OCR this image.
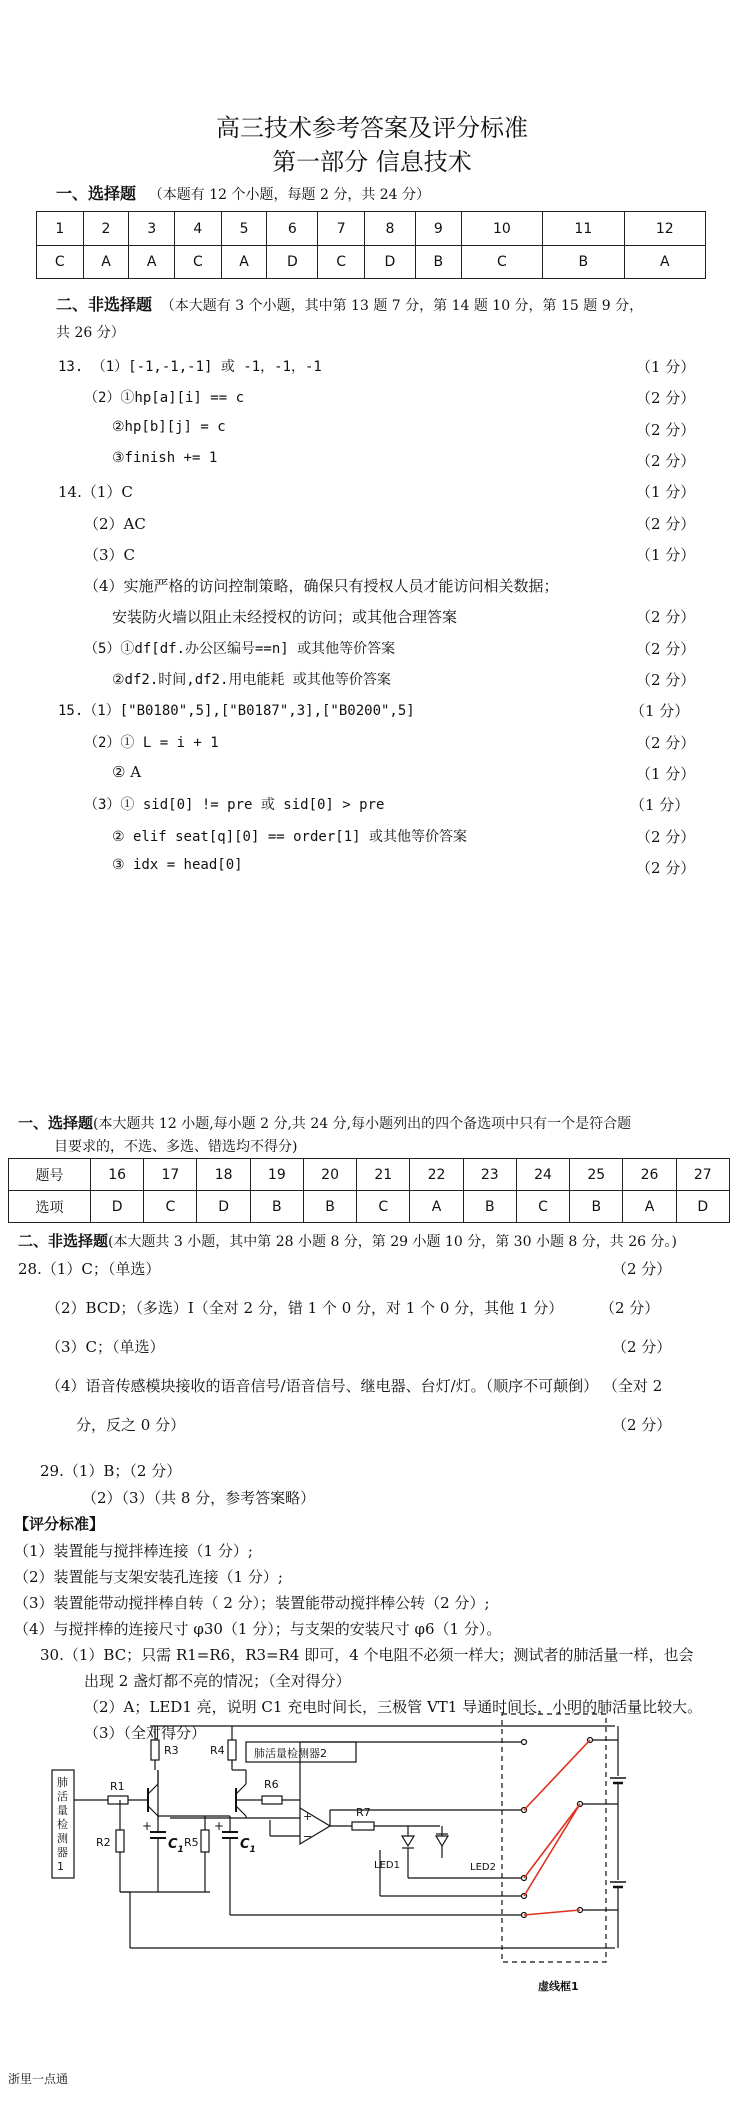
高三技术参考答案及评分标准
第一部分 信息技术
一、选择题 （本题有 12 个小题，每题 2 分，共 24 分）
1	2	3	4	5	6	7	8	9	10	11	12
C	A	A	C	A	D	C	D	B	C	B	A
二、非选择题 （本大题有 3 个小题，其中第 13 题 7 分，第 14 题 10 分，第 15 题 9 分，
共 26 分）
13. （1）[-1,-1,-1] 或 -1，-1，-1	（1 分）
（2）①hp[a][i] == c	（2 分）
②hp[b][j] = c	（2 分）
③finish += 1	（2 分）
14.（1）C	（1 分）
（2）AC	（2 分）
（3）C	（1 分）
（4）实施严格的访问控制策略，确保只有授权人员才能访问相关数据；
安装防火墙以阻止未经授权的访问；或其他合理答案	（2 分）
（5）①df[df.办公区编号==n] 或其他等价答案	（2 分）
②df2.时间,df2.用电能耗 或其他等价答案	（2 分）
15.（1）["B0180",5],["B0187",3],["B0200",5]	（1 分）
（2）① L = i + 1	（2 分）
② A	（1 分）
（3）① sid[0] != pre 或 sid[0] > pre	（1 分）
② elif seat[q][0] == order[1] 或其他等价答案	（2 分）
③ idx = head[0]	（2 分）
一、选择题(本大题共 12 小题,每小题 2 分,共 24 分,每小题列出的四个备选项中只有一个是符合题
目要求的，不选、多选、错选均不得分)
题号	16	17	18	19	20	21	22	23	24	25	26	27
选项	D	C	D	B	B	C	A	B	C	B	A	D
二、非选择题(本大题共 3 小题，其中第 28 小题 8 分，第 29 小题 10 分，第 30 小题 8 分，共 26 分。)
28.（1）C；（单选）	（2 分）
（2）BCD；（多选）I（全对 2 分，错 1 个 0 分，对 1 个 0 分，其他 1 分） （2 分）
（3）C；（单选）	（2 分）
（4）语音传感模块接收的语音信号/语音信号、继电器、台灯/灯。（顺序不可颠倒） （全对 2
分，反之 0 分）	（2 分）
29.（1）B；（2 分）
（2）（3）（共 8 分，参考答案略）
【评分标准】
（1）装置能与搅拌棒连接（1 分）;
（2）装置能与支架安装孔连接（1 分）;
（3）装置能带动搅拌棒自转（ 2 分）；装置能带动搅拌棒公转（2 分）;
（4）与搅拌棒的连接尺寸 φ30（1 分）；与支架的安装尺寸 φ6（1 分）。
30.（1）BC；只需 R1=R6，R3=R4 即可，4 个电阻不必须一样大；测试者的肺活量一样，也会
出现 2 盏灯都不亮的情况；（全对得分）
（2）A；LED1 亮，说明 C1 充电时间长，三极管 VT1 导通时间长，小明的肺活量比较大。
（3）（全对得分）
肺
活
量
检
测
器
1
R1
R3
R2
+
$C_1$
R5
+
$C_1$
R4	肺活量检测器2
R6
+
−
R7
LED1	LED2
虚线框1
浙里一点通
